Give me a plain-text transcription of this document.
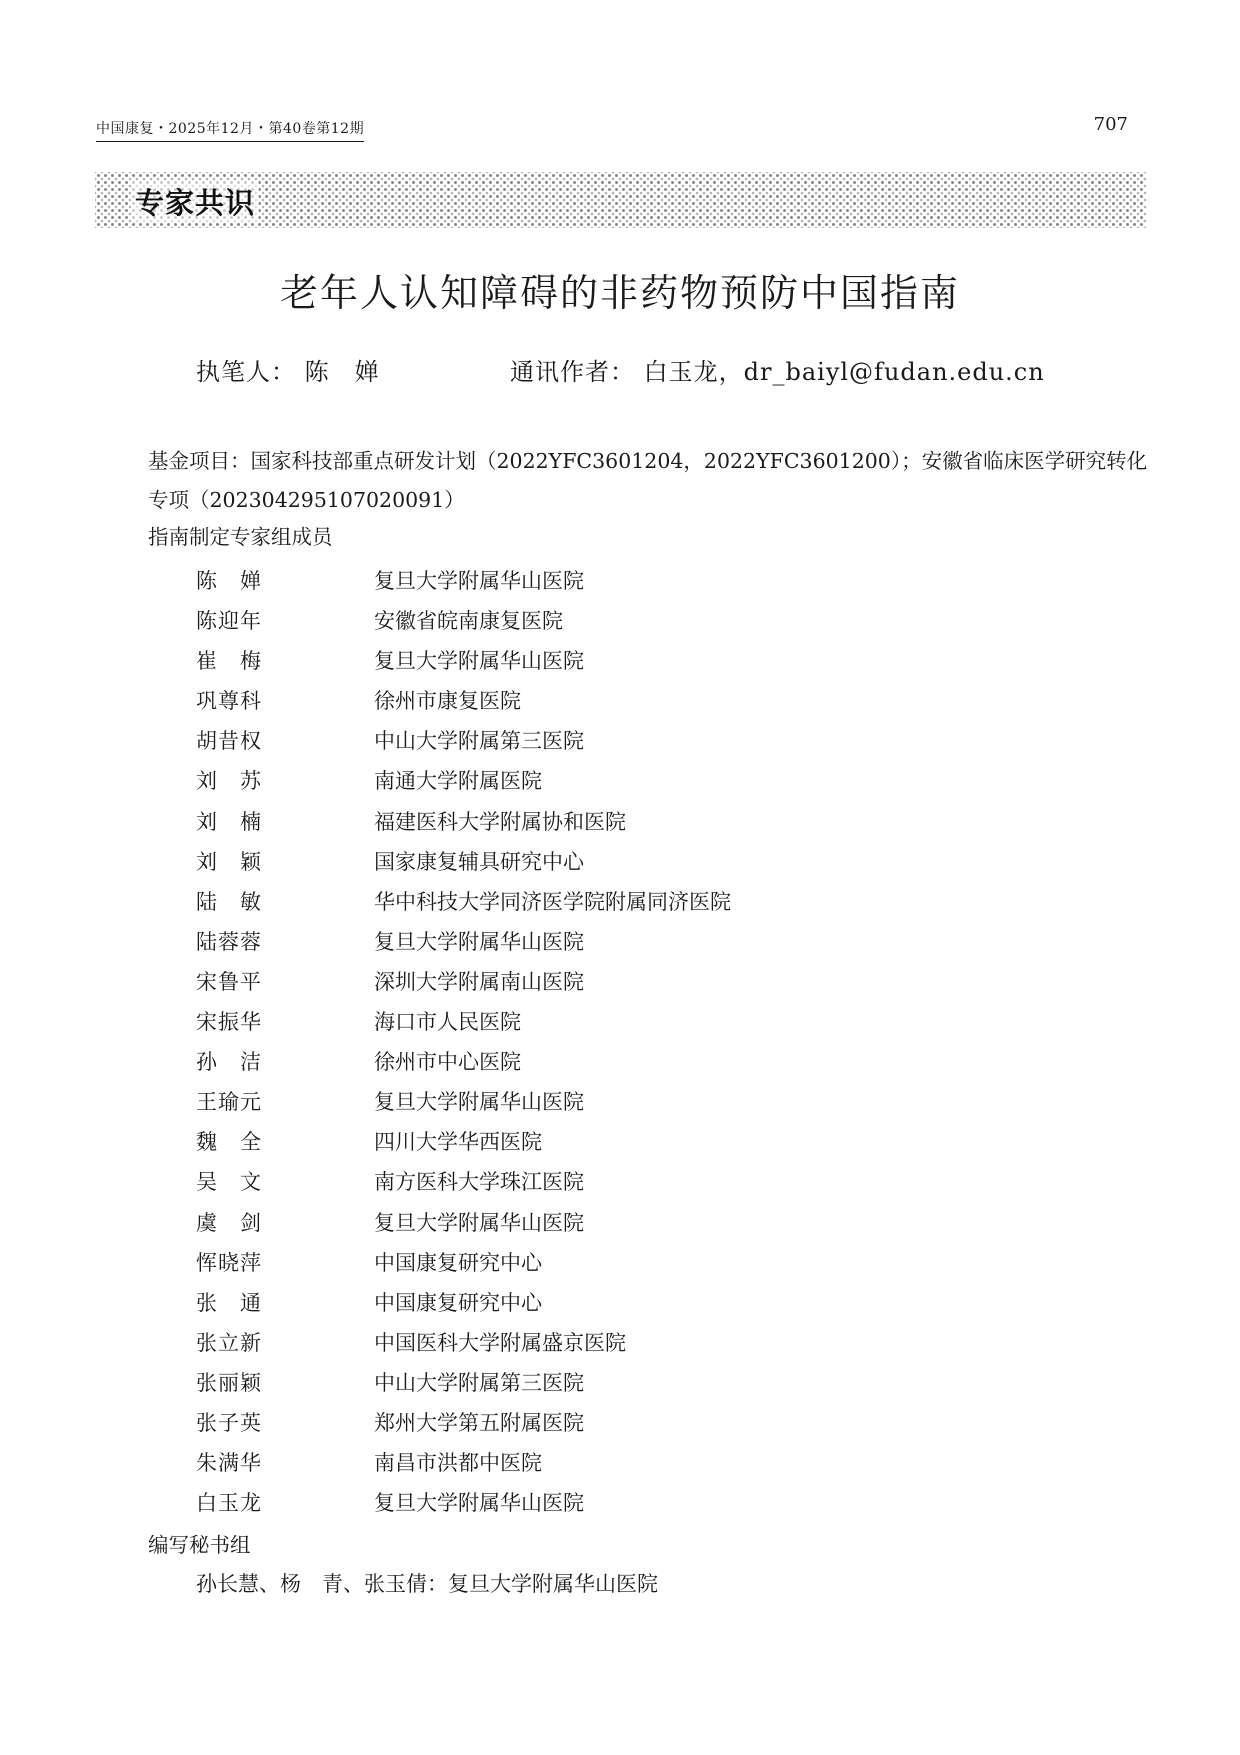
中国康复・2025年12月・第40卷第12期	707
专家共识
老年人认知障碍的非药物预防中国指南
执笔人： 陈　婵	通讯作者： 白玉龙，dr_baiyl@fudan.edu.cn
基金项目：国家科技部重点研发计划（2022YFC3601204，2022YFC3601200）；安徽省临床医学研究转化专项（202304295107020091）
指南制定专家组成员
陈　婵	复旦大学附属华山医院
陈迎年	安徽省皖南康复医院
崔　梅	复旦大学附属华山医院
巩尊科	徐州市康复医院
胡昔权	中山大学附属第三医院
刘　苏	南通大学附属医院
刘　楠	福建医科大学附属协和医院
刘　颖	国家康复辅具研究中心
陆　敏	华中科技大学同济医学院附属同济医院
陆蓉蓉	复旦大学附属华山医院
宋鲁平	深圳大学附属南山医院
宋振华	海口市人民医院
孙　洁	徐州市中心医院
王瑜元	复旦大学附属华山医院
魏　全	四川大学华西医院
吴　文	南方医科大学珠江医院
虞　剑	复旦大学附属华山医院
恽晓萍	中国康复研究中心
张　通	中国康复研究中心
张立新	中国医科大学附属盛京医院
张丽颖	中山大学附属第三医院
张子英	郑州大学第五附属医院
朱满华	南昌市洪都中医院
白玉龙	复旦大学附属华山医院
编写秘书组
孙长慧、杨　青、张玉倩：复旦大学附属华山医院
